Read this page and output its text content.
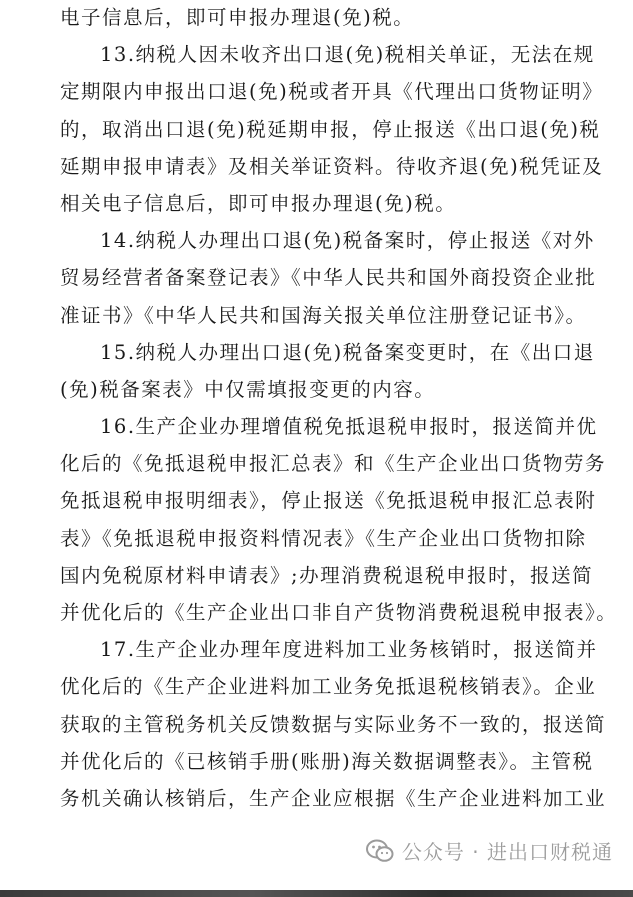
电子信息后，即可申报办理退(免)税。
13.纳税人因未收齐出口退(免)税相关单证，无法在规
定期限内申报出口退(免)税或者开具《代理出口货物证明》
的，取消出口退(免)税延期申报，停止报送《出口退(免)税
延期申报申请表》及相关举证资料。待收齐退(免)税凭证及
相关电子信息后，即可申报办理退(免)税。
14.纳税人办理出口退(免)税备案时，停止报送《对外
贸易经营者备案登记表》《中华人民共和国外商投资企业批
准证书》《中华人民共和国海关报关单位注册登记证书》。
15.纳税人办理出口退(免)税备案变更时，在《出口退
(免)税备案表》中仅需填报变更的内容。
16.生产企业办理增值税免抵退税申报时，报送简并优
化后的《免抵退税申报汇总表》和《生产企业出口货物劳务
免抵退税申报明细表》，停止报送《免抵退税申报汇总表附
表》《免抵退税申报资料情况表》《生产企业出口货物扣除
国内免税原材料申请表》;办理消费税退税申报时，报送简
并优化后的《生产企业出口非自产货物消费税退税申报表》。
17.生产企业办理年度进料加工业务核销时，报送简并
优化后的《生产企业进料加工业务免抵退税核销表》。企业
获取的主管税务机关反馈数据与实际业务不一致的，报送简
并优化后的《已核销手册(账册)海关数据调整表》。主管税
务机关确认核销后，生产企业应根据《生产企业进料加工业
公众号 · 进出口财税通
